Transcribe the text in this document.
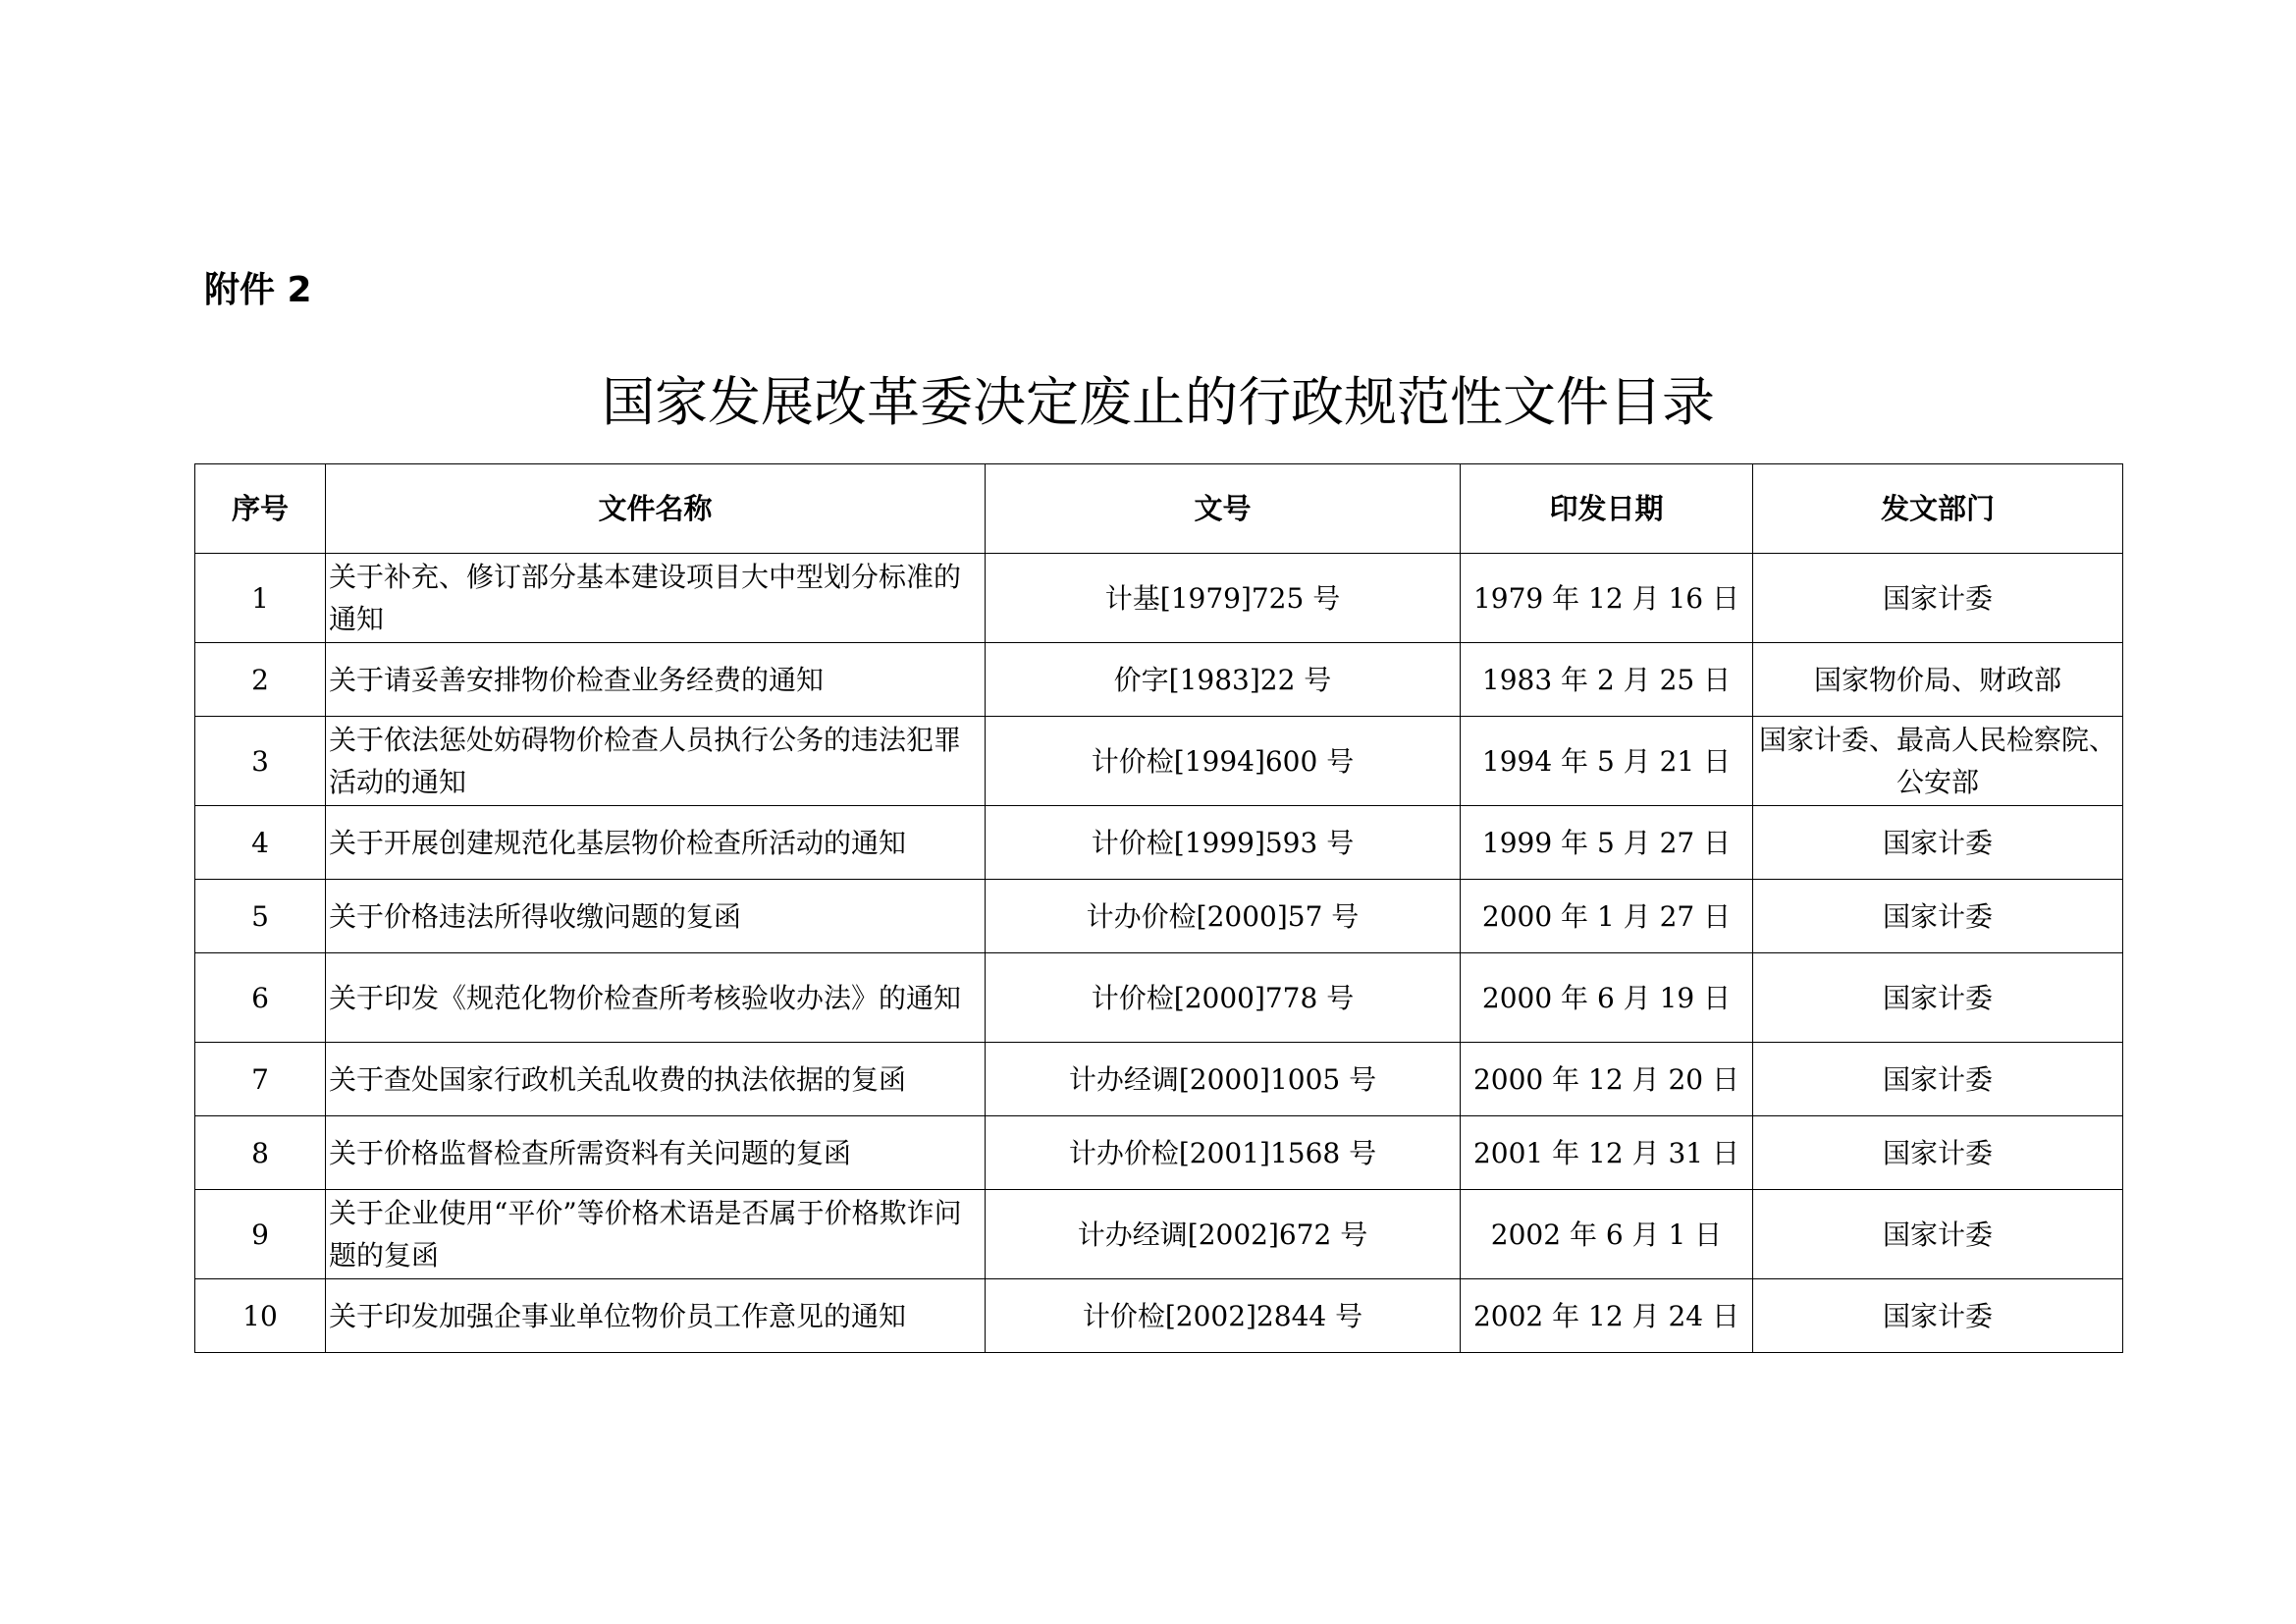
附件 2
国家发展改革委决定废止的行政规范性文件目录
序号	文件名称	文号	印发日期	发文部门
1	关于补充、修订部分基本建设项目大中型划分标准的通知	计基[1979]725 号	1979 年 12 月 16 日	国家计委
2	关于请妥善安排物价检查业务经费的通知	价字[1983]22 号	1983 年 2 月 25 日	国家物价局、财政部
3	关于依法惩处妨碍物价检查人员执行公务的违法犯罪活动的通知	计价检[1994]600 号	1994 年 5 月 21 日	国家计委、最高人民检察院、公安部
4	关于开展创建规范化基层物价检查所活动的通知	计价检[1999]593 号	1999 年 5 月 27 日	国家计委
5	关于价格违法所得收缴问题的复函	计办价检[2000]57 号	2000 年 1 月 27 日	国家计委
6	关于印发《规范化物价检查所考核验收办法》的通知	计价检[2000]778 号	2000 年 6 月 19 日	国家计委
7	关于查处国家行政机关乱收费的执法依据的复函	计办经调[2000]1005 号	2000 年 12 月 20 日	国家计委
8	关于价格监督检查所需资料有关问题的复函	计办价检[2001]1568 号	2001 年 12 月 31 日	国家计委
9	关于企业使用“平价”等价格术语是否属于价格欺诈问题的复函	计办经调[2002]672 号	2002 年 6 月 1 日	国家计委
10	关于印发加强企事业单位物价员工作意见的通知	计价检[2002]2844 号	2002 年 12 月 24 日	国家计委
